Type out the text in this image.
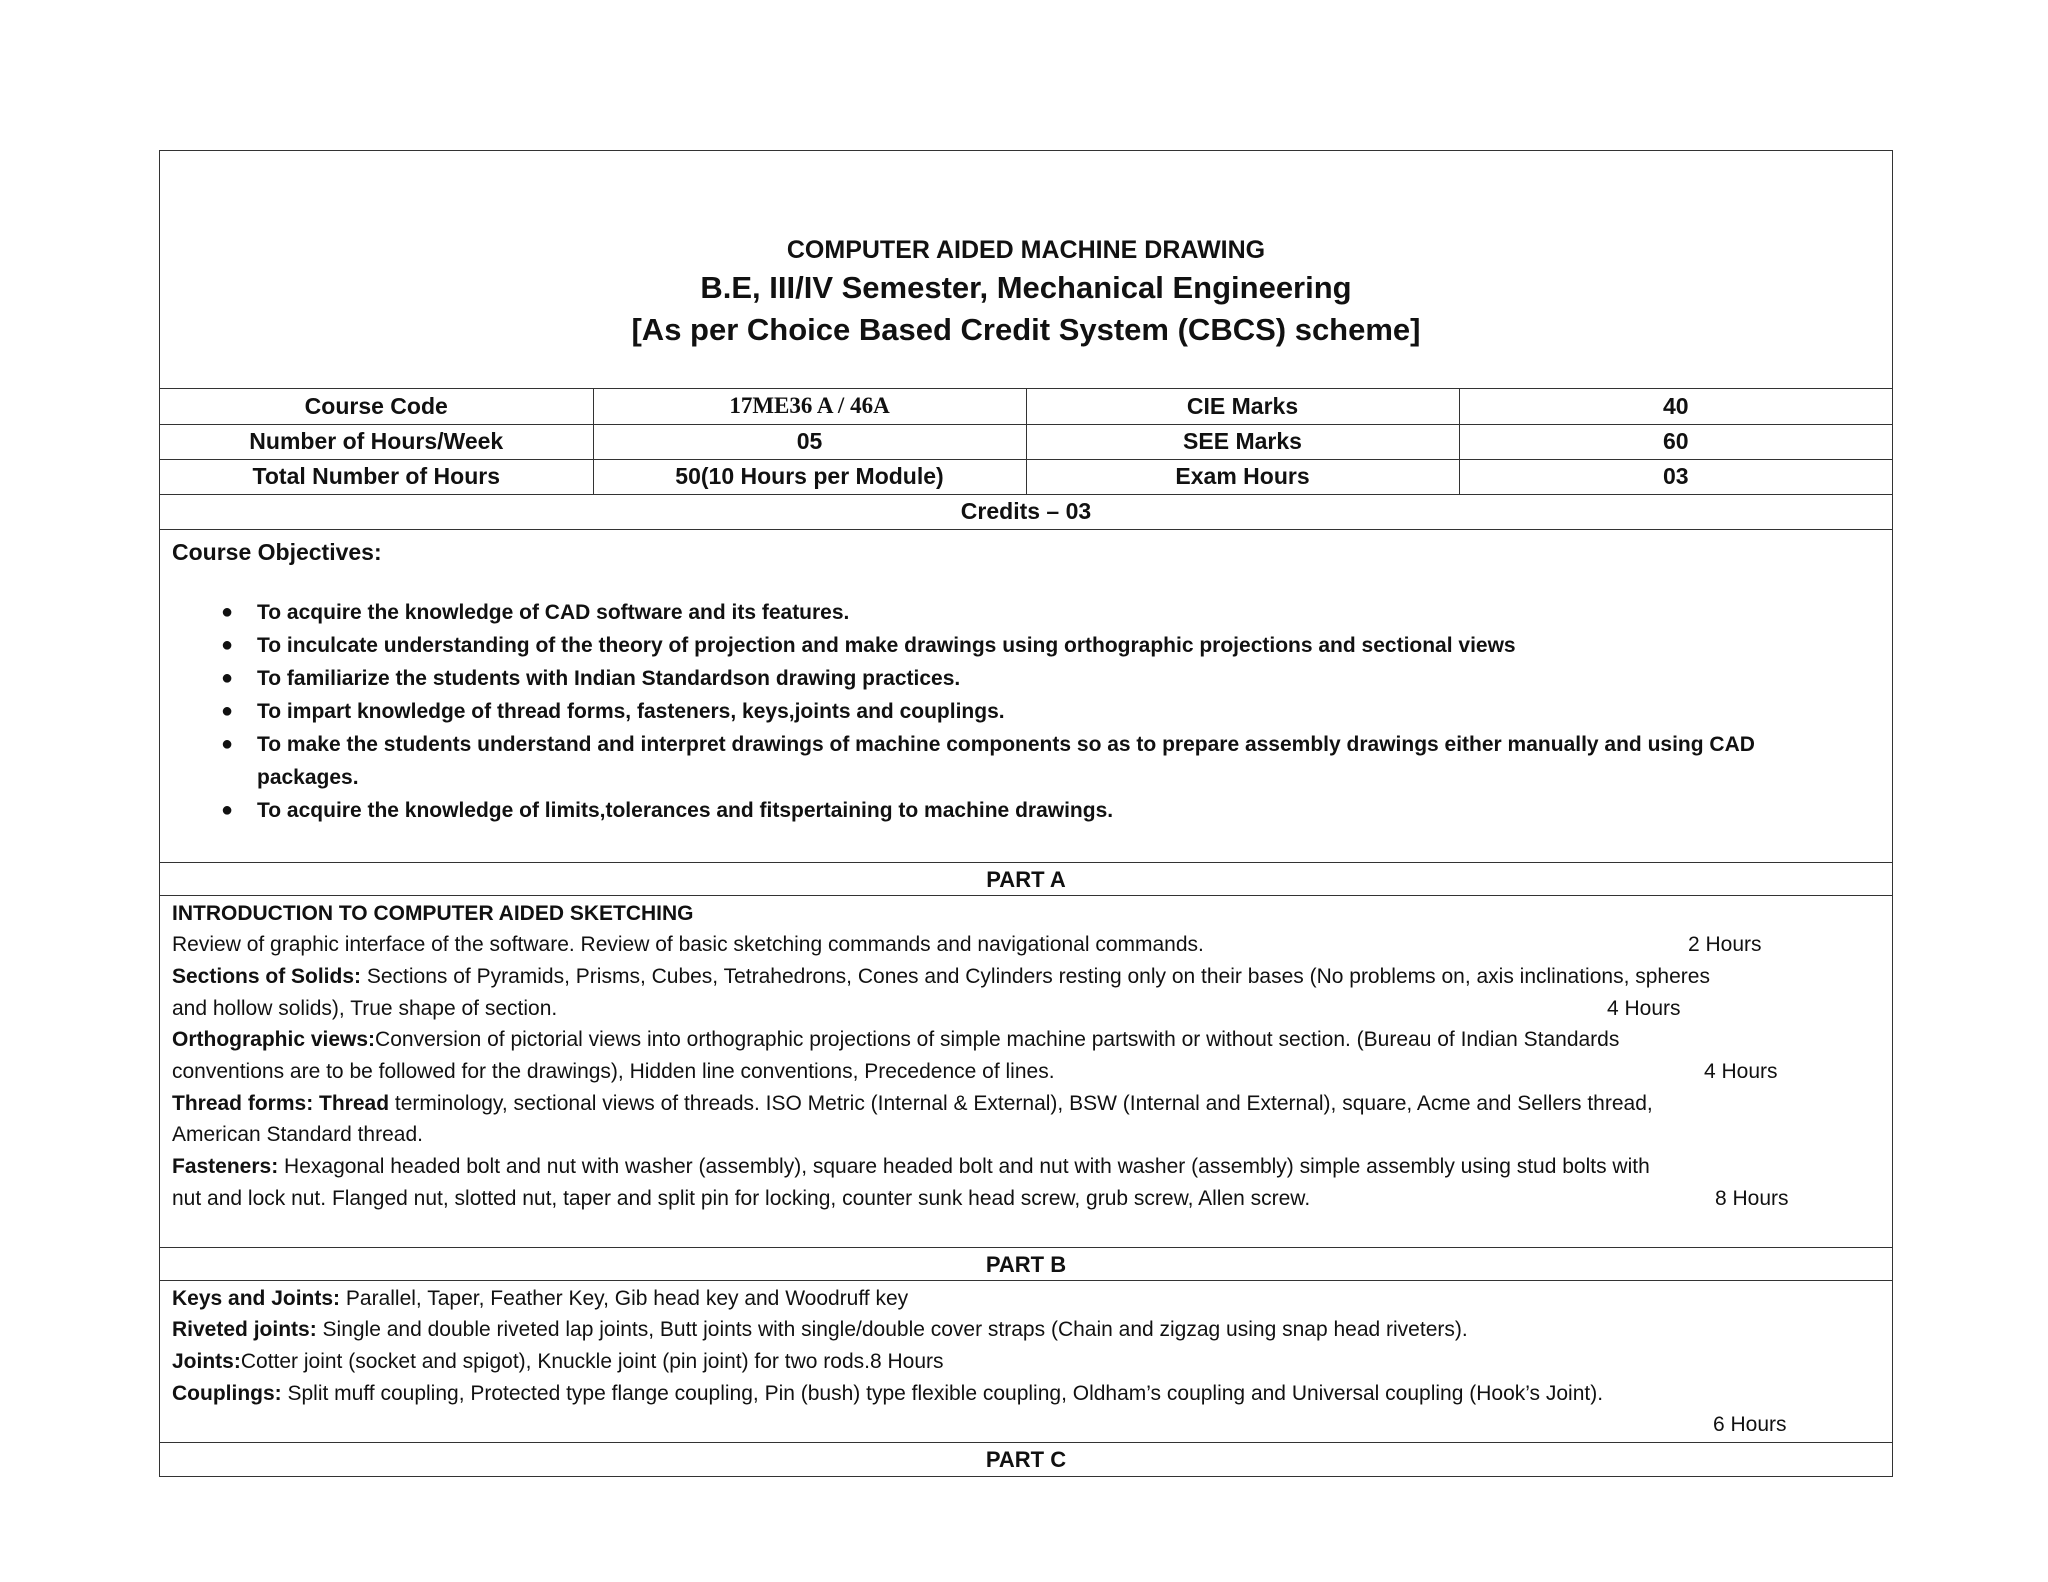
COMPUTER AIDED MACHINE DRAWING
B.E, III/IV Semester, Mechanical Engineering
[As per Choice Based Credit System (CBCS) scheme]
Course Code	17ME36 A / 46A	CIE Marks	40
Number of Hours/Week	05	SEE Marks	60
Total Number of Hours	50(10 Hours per Module)	Exam Hours	03
Credits – 03			
Course Objectives:
● To acquire the knowledge of CAD software and its features.
● To inculcate understanding of the theory of projection and make drawings using orthographic projections and sectional views
● To familiarize the students with Indian Standardson drawing practices.
● To impart knowledge of thread forms, fasteners, keys,joints and couplings.
● To make the students understand and interpret drawings of machine components so as to prepare assembly drawings either manually and using CAD
packages.
● To acquire the knowledge of limits,tolerances and fitspertaining to machine drawings.
PART A
INTRODUCTION TO COMPUTER AIDED SKETCHING
Review of graphic interface of the software. Review of basic sketching commands and navigational commands.	2 Hours
Sections of Solids: Sections of Pyramids, Prisms, Cubes, Tetrahedrons, Cones and Cylinders resting only on their bases (No problems on, axis inclinations, spheres
and hollow solids), True shape of section.	4 Hours
Orthographic views:Conversion of pictorial views into orthographic projections of simple machine partswith or without section. (Bureau of Indian Standards
conventions are to be followed for the drawings), Hidden line conventions, Precedence of lines.	4 Hours
Thread forms: Thread terminology, sectional views of threads. ISO Metric (Internal & External), BSW (Internal and External), square, Acme and Sellers thread,
American Standard thread.
Fasteners: Hexagonal headed bolt and nut with washer (assembly), square headed bolt and nut with washer (assembly) simple assembly using stud bolts with
nut and lock nut. Flanged nut, slotted nut, taper and split pin for locking, counter sunk head screw, grub screw, Allen screw.	8 Hours
PART B
Keys and Joints: Parallel, Taper, Feather Key, Gib head key and Woodruff key
Riveted joints: Single and double riveted lap joints, Butt joints with single/double cover straps (Chain and zigzag using snap head riveters).
Joints:Cotter joint (socket and spigot), Knuckle joint (pin joint) for two rods.8 Hours
Couplings: Split muff coupling, Protected type flange coupling, Pin (bush) type flexible coupling, Oldham’s coupling and Universal coupling (Hook’s Joint).

6 Hours
PART C
